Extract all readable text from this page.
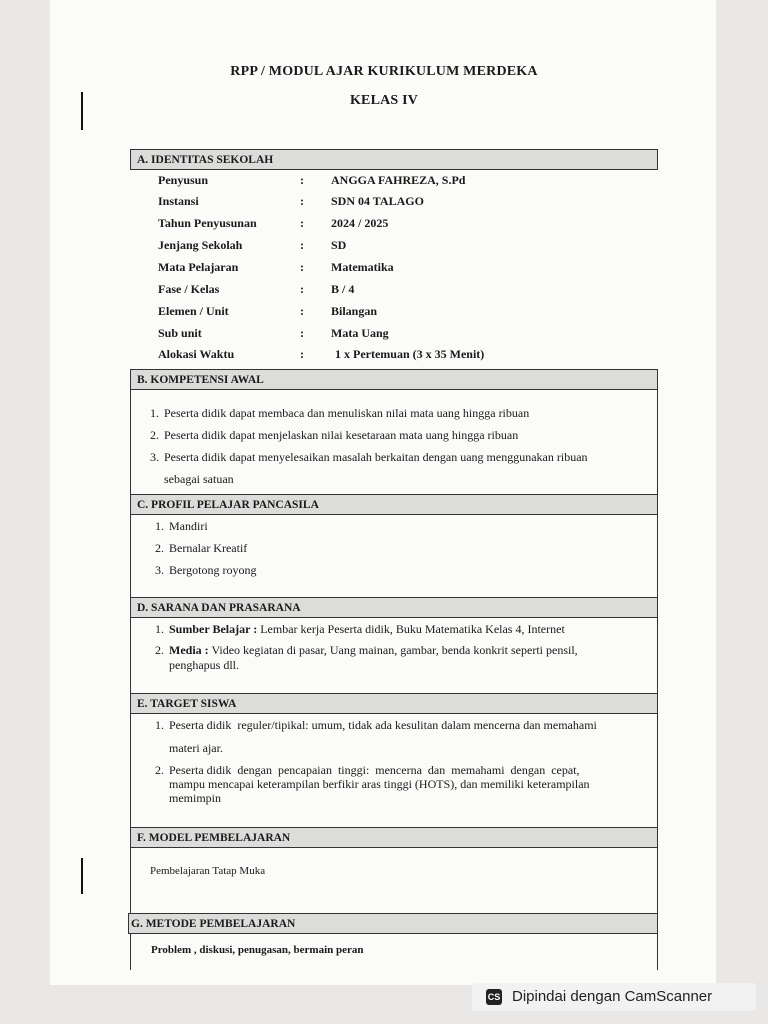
RPP / MODUL AJAR KURIKULUM MERDEKA
KELAS IV
A. IDENTITAS SEKOLAH
Penyusun	: ANGGA FAHREZA, S.Pd
Instansi	: SDN 04 TALAGO
Tahun Penyusunan	: 2024 / 2025
Jenjang Sekolah	: SD
Mata Pelajaran	: Matematika
Fase / Kelas	: B / 4
Elemen / Unit	: Bilangan
Sub unit	: Mata Uang
Alokasi Waktu	:	1 x Pertemuan (3 x 35 Menit)
B. KOMPETENSI AWAL
1. Peserta didik dapat membaca dan menuliskan nilai mata uang hingga ribuan
2. Peserta didik dapat menjelaskan nilai kesetaraan mata uang hingga ribuan
3. Peserta didik dapat menyelesaikan masalah berkaitan dengan uang menggunakan ribuan
sebagai satuan
C. PROFIL PELAJAR PANCASILA
1. Mandiri
2. Bernalar Kreatif
3. Bergotong royong
D. SARANA DAN PRASARANA
1. Sumber Belajar : Lembar kerja Peserta didik, Buku Matematika Kelas 4, Internet
2. Media : Video kegiatan di pasar, Uang mainan, gambar, benda konkrit seperti pensil,
penghapus dll.
E. TARGET SISWA
1. Peserta didik  reguler/tipikal: umum, tidak ada kesulitan dalam mencerna dan memahami
materi ajar.
2. Peserta didik  dengan  pencapaian  tinggi:  mencerna  dan  memahami  dengan  cepat,
mampu mencapai keterampilan berfikir aras tinggi (HOTS), dan memiliki keterampilan
memimpin
F. MODEL PEMBELAJARAN
Pembelajaran Tatap Muka
G. METODE PEMBELAJARAN
Problem , diskusi, penugasan, bermain peran
CS Dipindai dengan CamScanner
